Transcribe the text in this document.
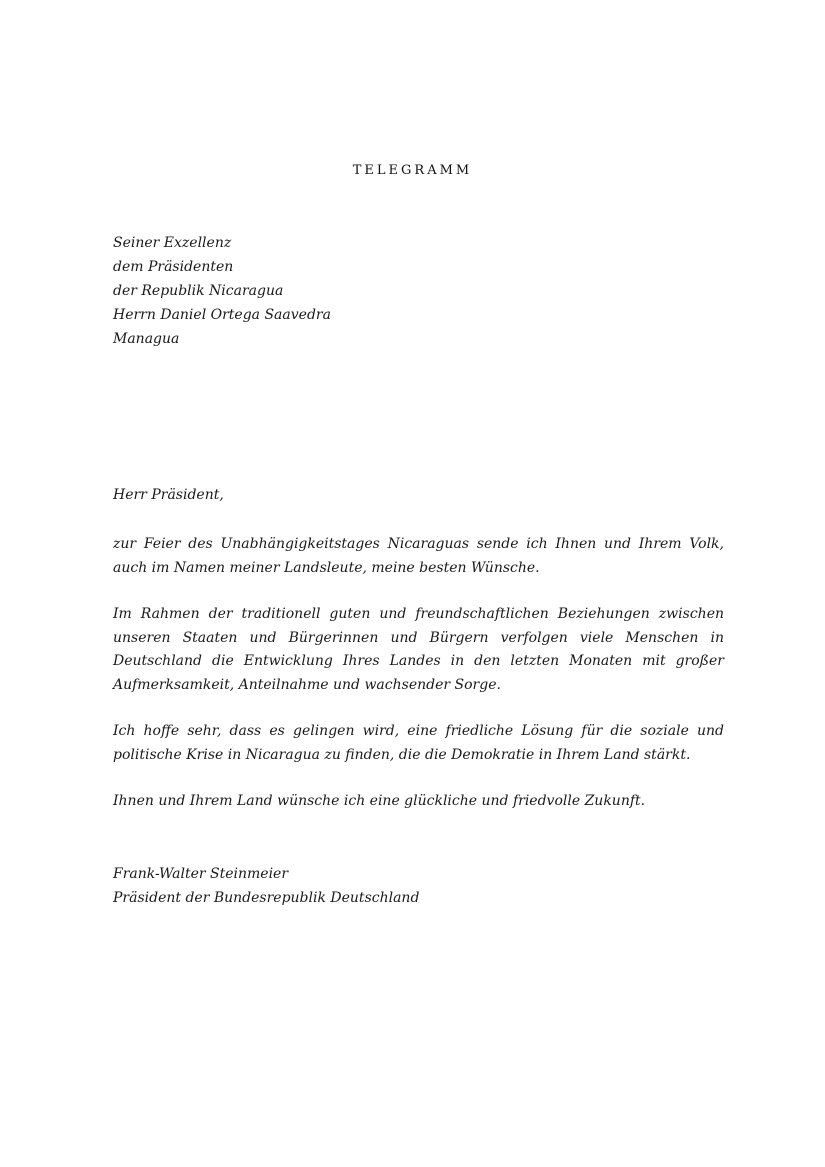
TELEGRAMM
Seiner Exzellenz
dem Präsidenten
der Republik Nicaragua
Herrn Daniel Ortega Saavedra
Managua
Herr Präsident,

zur Feier des Unabhängigkeitstages Nicaraguas sende ich Ihnen und Ihrem Volk, auch im Namen meiner Landsleute, meine besten Wünsche.

Im Rahmen der traditionell guten und freundschaftlichen Beziehungen zwischen unseren Staaten und Bürgerinnen und Bürgern verfolgen viele Menschen in Deutschland die Entwicklung Ihres Landes in den letzten Monaten mit großer Aufmerksamkeit, Anteilnahme und wachsender Sorge.

Ich hoffe sehr, dass es gelingen wird, eine friedliche Lösung für die soziale und politische Krise in Nicaragua zu finden, die die Demokratie in Ihrem Land stärkt.

Ihnen und Ihrem Land wünsche ich eine glückliche und friedvolle Zukunft.

Frank-Walter Steinmeier
Präsident der Bundesrepublik Deutschland
